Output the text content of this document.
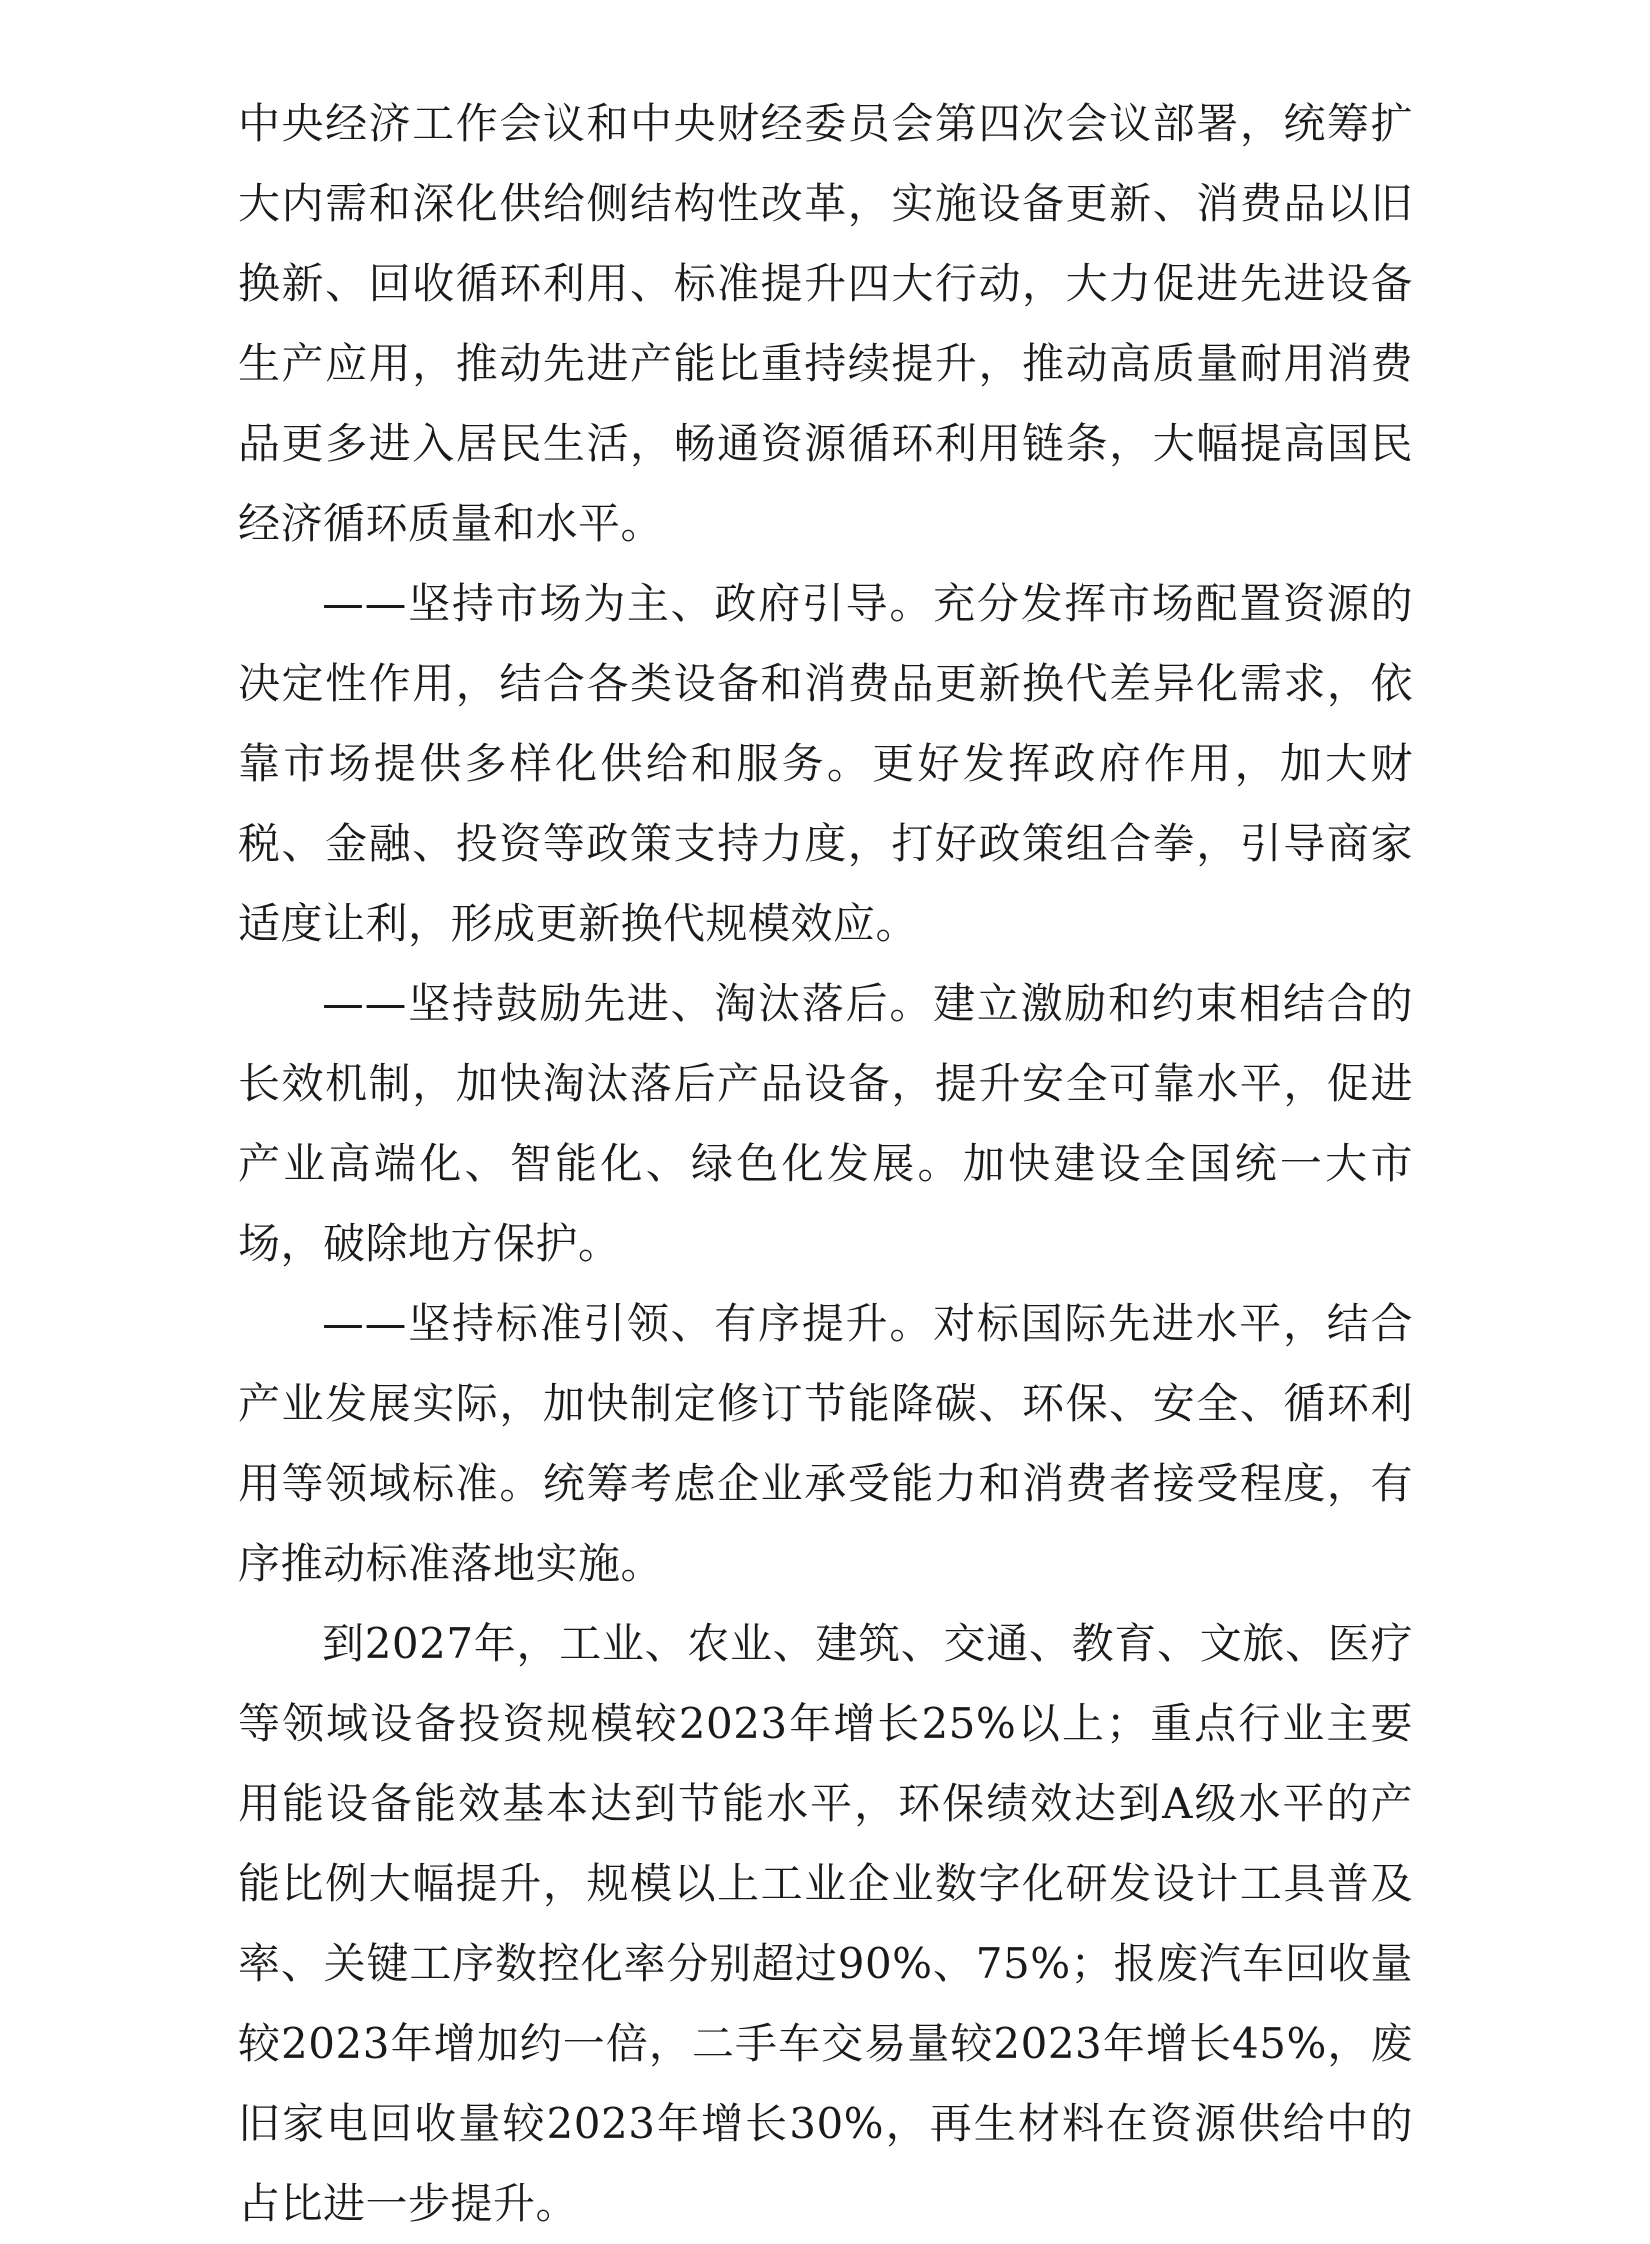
中央经济工作会议和中央财经委员会第四次会议部署，统筹扩大内需和深化供给侧结构性改革，实施设备更新、消费品以旧换新、回收循环利用、标准提升四大行动，大力促进先进设备生产应用，推动先进产能比重持续提升，推动高质量耐用消费品更多进入居民生活，畅通资源循环利用链条，大幅提高国民经济循环质量和水平。

——坚持市场为主、政府引导。充分发挥市场配置资源的决定性作用，结合各类设备和消费品更新换代差异化需求，依靠市场提供多样化供给和服务。更好发挥政府作用，加大财税、金融、投资等政策支持力度，打好政策组合拳，引导商家适度让利，形成更新换代规模效应。

——坚持鼓励先进、淘汰落后。建立激励和约束相结合的长效机制，加快淘汰落后产品设备，提升安全可靠水平，促进产业高端化、智能化、绿色化发展。加快建设全国统一大市场，破除地方保护。

——坚持标准引领、有序提升。对标国际先进水平，结合产业发展实际，加快制定修订节能降碳、环保、安全、循环利用等领域标准。统筹考虑企业承受能力和消费者接受程度，有序推动标准落地实施。

到2027年，工业、农业、建筑、交通、教育、文旅、医疗等领域设备投资规模较2023年增长25%以上；重点行业主要用能设备能效基本达到节能水平，环保绩效达到A级水平的产能比例大幅提升，规模以上工业企业数字化研发设计工具普及率、关键工序数控化率分别超过90%、75%；报废汽车回收量较2023年增加约一倍，二手车交易量较2023年增长45%，废旧家电回收量较2023年增长30%，再生材料在资源供给中的占比进一步提升。
